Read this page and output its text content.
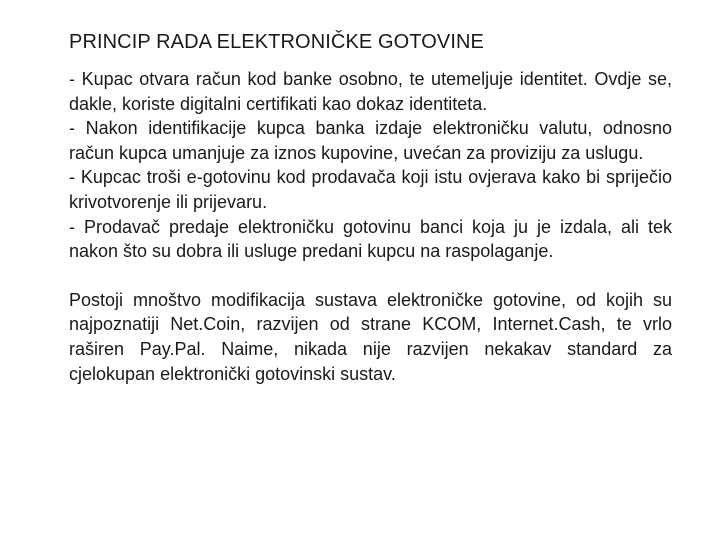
PRINCIP RADA ELEKTRONIČKE GOTOVINE

- Kupac otvara račun kod banke osobno, te utemeljuje identitet. Ovdje se, dakle, koriste digitalni certifikati kao dokaz identiteta.

- Nakon identifikacije kupca banka izdaje elektroničku valutu, odnosno račun kupca umanjuje za iznos kupovine, uvećan za proviziju za uslugu.

- Kupcac troši e-gotovinu kod prodavača koji istu ovjerava kako bi spriječio krivotvorenje ili prijevaru.

- Prodavač predaje elektroničku gotovinu banci koja ju je izdala, ali tek nakon što su dobra ili usluge predani kupcu na raspolaganje.

Postoji mnoštvo modifikacija sustava elektroničke gotovine, od kojih su najpoznatiji Net.Coin, razvijen od strane KCOM, Internet.Cash, te vrlo raširen Pay.Pal. Naime, nikada nije razvijen nekakav standard za cjelokupan elektronički gotovinski sustav.
